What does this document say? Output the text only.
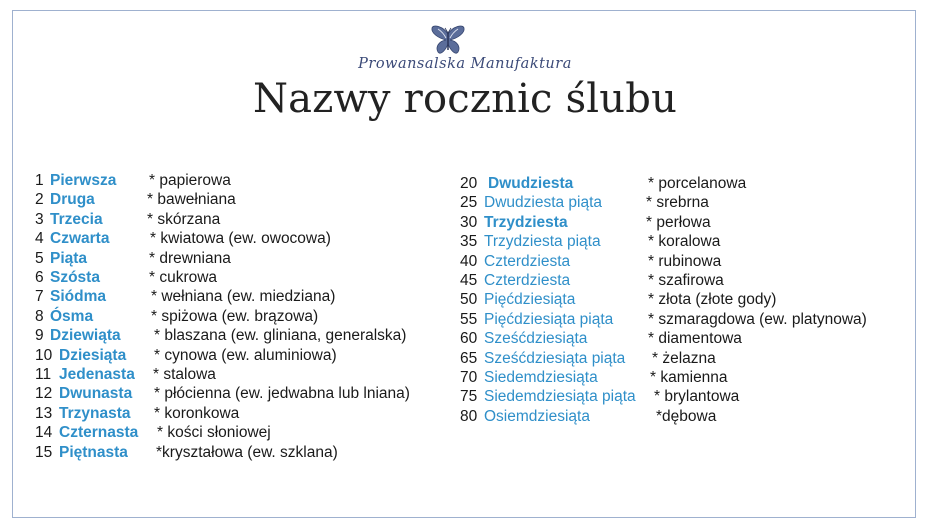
Prowansalska Manufaktura
Nazwy rocznic ślubu
1 Pierwsza * papierowa
2 Druga	* bawełniana
3 Trzecia	* skórzana
4 Czwarta	* kwiatowa (ew. owocowa)
5 Piąta	* drewniana
6 Szósta	* cukrowa
7 Siódma	* wełniana (ew. miedziana)
8 Ósma	* spiżowa (ew. brązowa)
9 Dziewiąta * blaszana (ew. gliniana, generalska)
10 Dziesiąta * cynowa (ew. aluminiowa)
11 Jedenasta * stalowa
12 Dwunasta * płócienna (ew. jedwabna lub lniana)
13 Trzynasta * koronkowa
14 Czternasta * kości słoniowej
15 Piętnasta *kryształowa (ew. szklana)
20 Dwudziesta	* porcelanowa
25 Dwudziesta piąta	* srebrna
30 Trzydziesta	* perłowa
35 Trzydziesta piąta	* koralowa
40 Czterdziesta	* rubinowa
45 Czterdziesta	* szafirowa
50 Pięćdziesiąta	* złota (złote gody)
55 Pięćdziesiąta piąta * szmaragdowa (ew. platynowa)
60 Sześćdziesiąta	* diamentowa
65 Sześćdziesiąta piąta * żelazna
70 Siedemdziesiąta	* kamienna
75 Siedemdziesiąta piąta * brylantowa
80 Osiemdziesiąta	*dębowa
